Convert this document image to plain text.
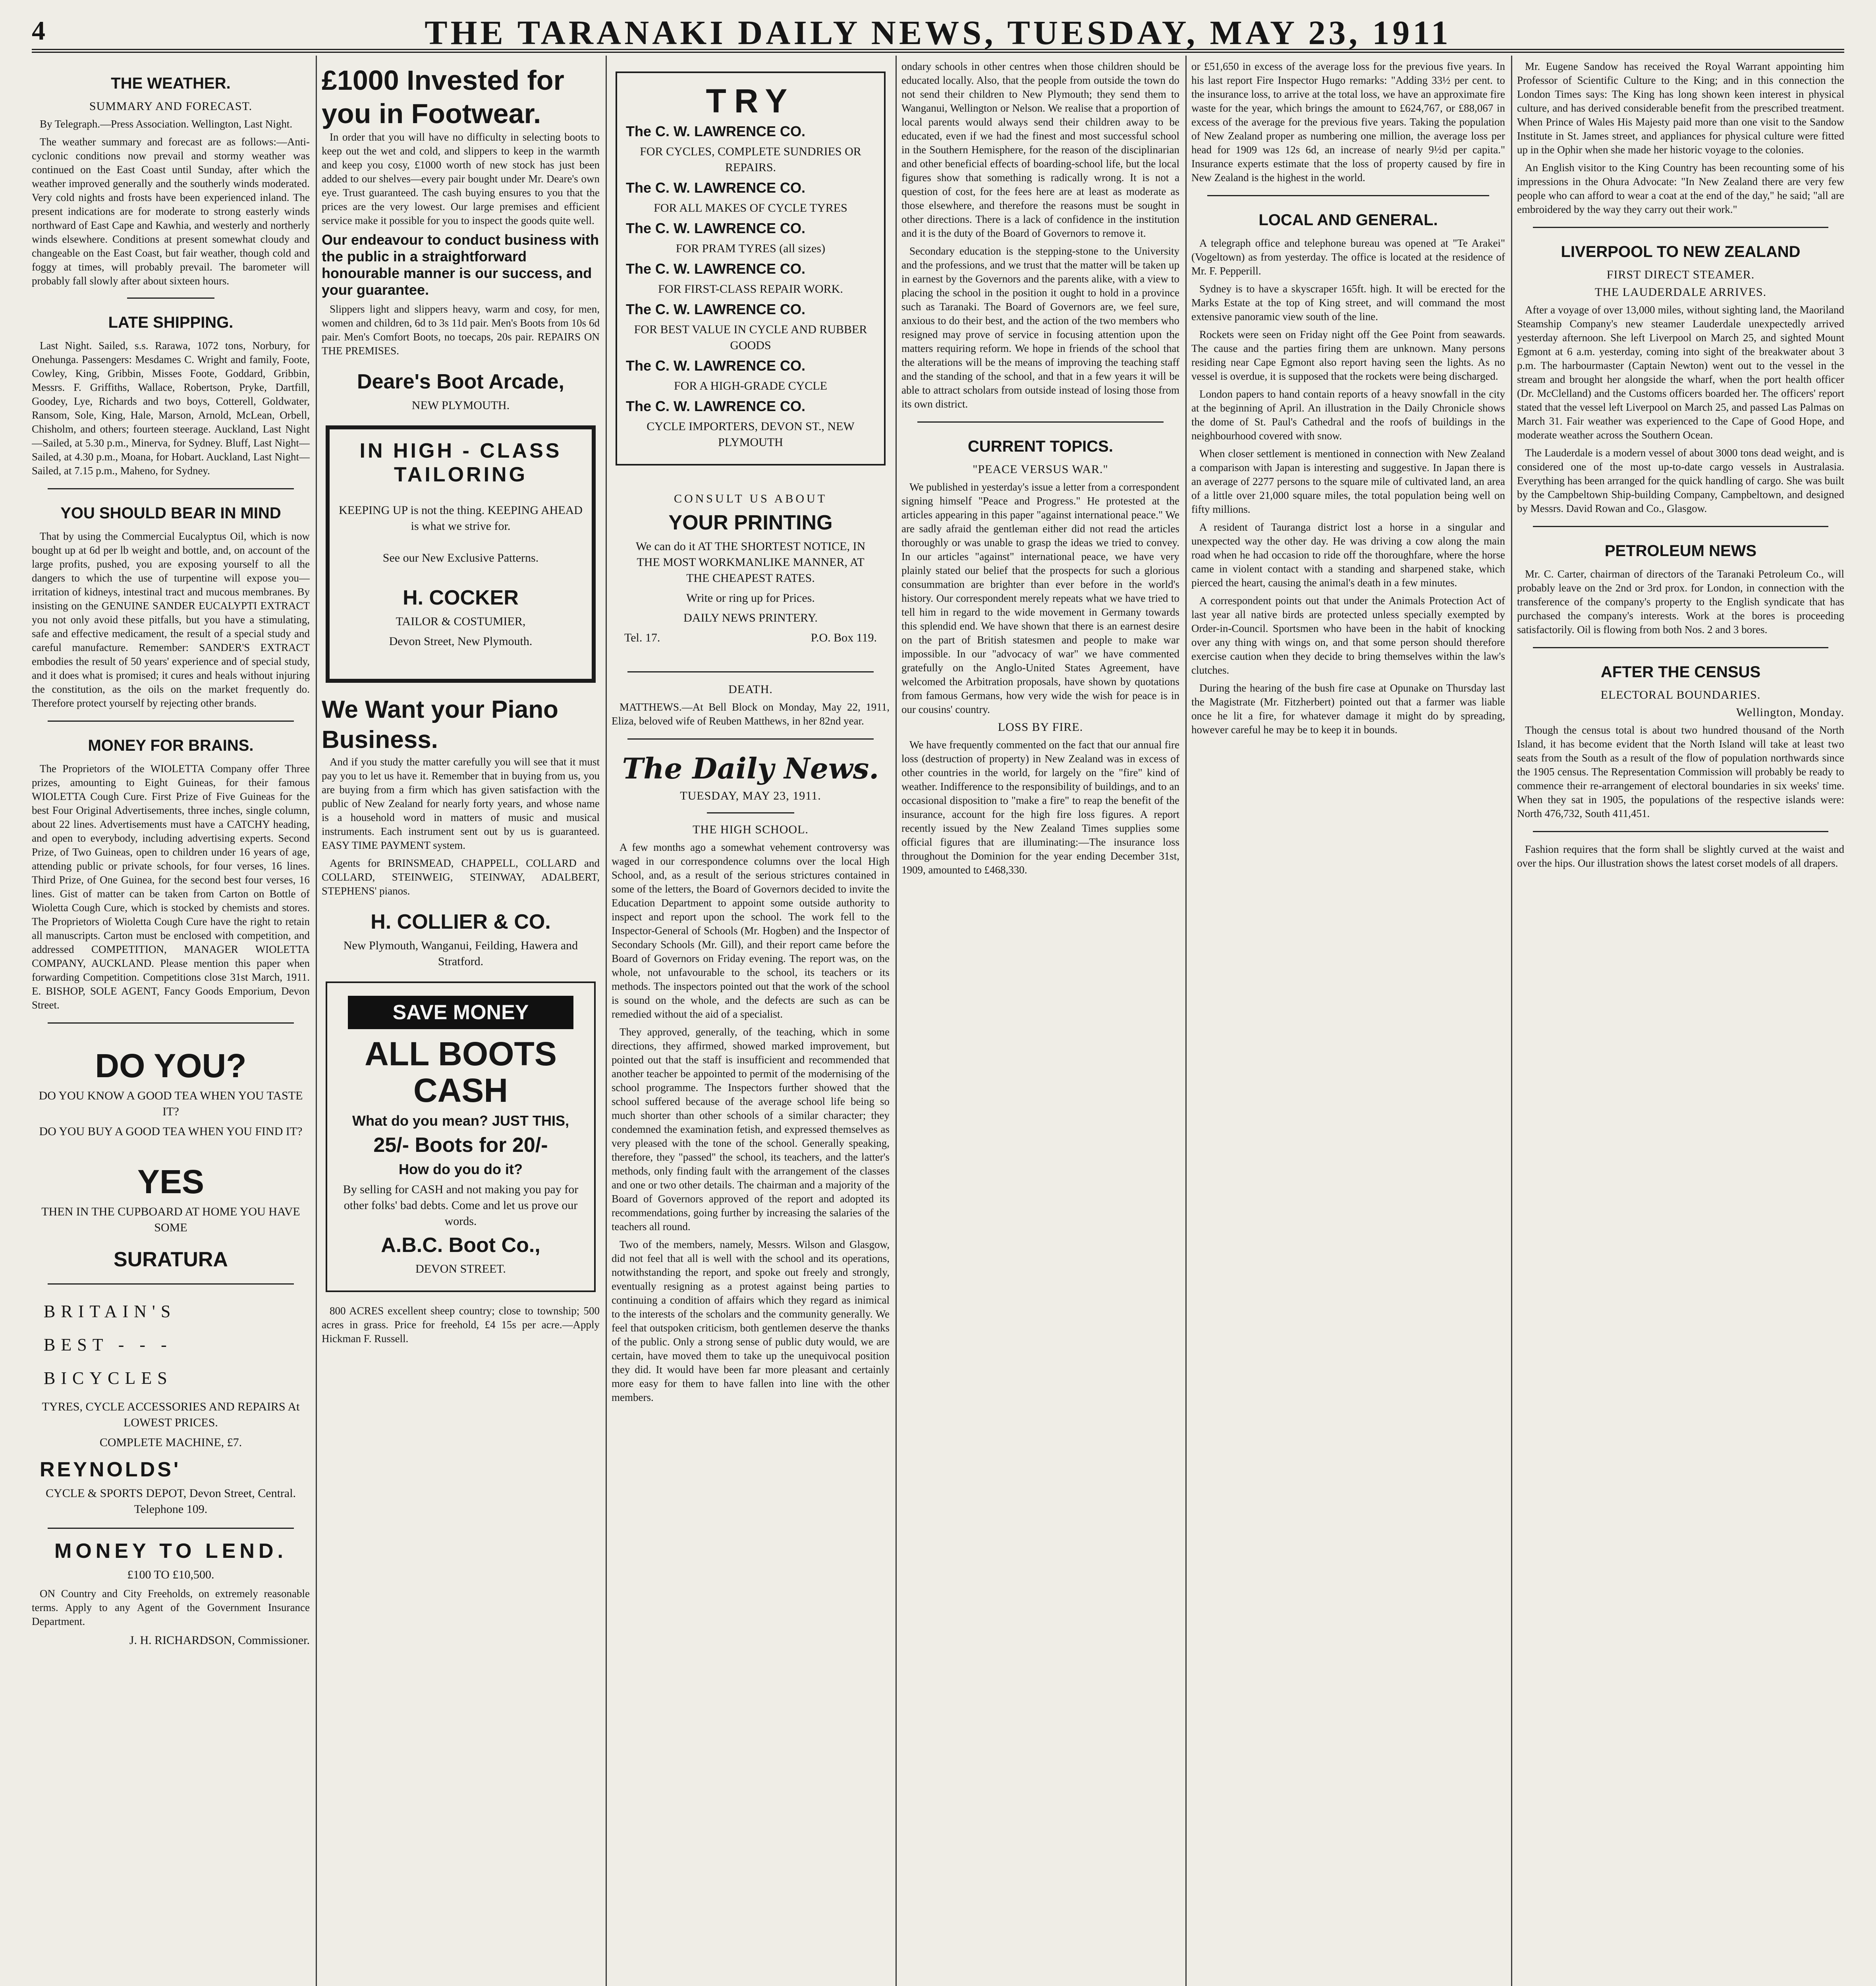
4	THE TARANAKI DAILY NEWS, TUESDAY, MAY 23, 1911
THE WEATHER.
SUMMARY AND FORECAST.

By Telegraph.—Press Association. Wellington, Last Night.

The weather summary and forecast are as follows:—Anti-cyclonic conditions now prevail and stormy weather was continued on the East Coast until Sunday, after which the weather improved generally and the southerly winds moderated. Very cold nights and frosts have been experienced inland. The present indications are for moderate to strong easterly winds northward of East Cape and Kawhia, and westerly and northerly winds elsewhere. Conditions at present somewhat cloudy and changeable on the East Coast, but fair weather, though cold and foggy at times, will probably prevail. The barometer will probably fall slowly after about sixteen hours.

LATE SHIPPING.

Last Night. Sailed, s.s. Rarawa, 1072 tons, Norbury, for Onehunga. Passengers: Mesdames C. Wright and family, Foote, Cowley, King, Gribbin, Misses Foote, Goddard, Gribbin, Messrs. F. Griffiths, Wallace, Robertson, Pryke, Dartfill, Goodey, Lye, Richards and two boys, Cotterell, Goldwater, Ransom, Sole, King, Hale, Marson, Arnold, McLean, Orbell, Chisholm, and others; fourteen steerage. Auckland, Last Night—Sailed, at 5.30 p.m., Minerva, for Sydney. Bluff, Last Night—Sailed, at 4.30 p.m., Moana, for Hobart. Auckland, Last Night—Sailed, at 7.15 p.m., Maheno, for Sydney.

YOU SHOULD BEAR IN MIND

That by using the Commercial Eucalyptus Oil, which is now bought up at 6d per lb weight and bottle, and, on account of the large profits, pushed, you are exposing yourself to all the dangers to which the use of turpentine will expose you—irritation of kidneys, intestinal tract and mucous membranes. By insisting on the GENUINE SANDER EUCALYPTI EXTRACT you not only avoid these pitfalls, but you have a stimulating, safe and effective medicament, the result of a special study and careful manufacture. Remember: SANDER'S EXTRACT embodies the result of 50 years' experience and of special study, and it does what is promised; it cures and heals without injuring the constitution, as the oils on the market frequently do. Therefore protect yourself by rejecting other brands.

MONEY FOR BRAINS.

The Proprietors of the WIOLETTA Company offer Three prizes, amounting to Eight Guineas, for their famous WIOLETTA Cough Cure. First Prize of Five Guineas for the best Four Original Advertisements, three inches, single column, about 22 lines. Advertisements must have a CATCHY heading, and open to everybody, including advertising experts. Second Prize, of Two Guineas, open to children under 16 years of age, attending public or private schools, for four verses, 16 lines. Third Prize, of One Guinea, for the second best four verses, 16 lines. Gist of matter can be taken from Carton on Bottle of Wioletta Cough Cure, which is stocked by chemists and stores. The Proprietors of Wioletta Cough Cure have the right to retain all manuscripts. Carton must be enclosed with competition, and addressed COMPETITION, MANAGER WIOLETTA COMPANY, AUCKLAND. Please mention this paper when forwarding Competition. Competitions close 31st March, 1911. E. BISHOP, SOLE AGENT, Fancy Goods Emporium, Devon Street.

DO YOU?
DO YOU KNOW A GOOD TEA WHEN YOU TASTE IT?
DO YOU BUY A GOOD TEA WHEN YOU FIND IT?
YES
THEN IN THE CUPBOARD AT HOME YOU HAVE SOME
SURATURA
BRITAIN'S
BEST - - -
BICYCLES
TYRES, CYCLE ACCESSORIES AND REPAIRS At LOWEST PRICES.
COMPLETE MACHINE, £7.
REYNOLDS'
CYCLE & SPORTS DEPOT, Devon Street, Central. Telephone 109.
MONEY TO LEND.
£100 TO £10,500.

ON Country and City Freeholds, on extremely reasonable terms. Apply to any Agent of the Government Insurance Department.

J. H. RICHARDSON, Commissioner.
£1000 Invested for you in Footwear.

In order that you will have no difficulty in selecting boots to keep out the wet and cold, and slippers to keep in the warmth and keep you cosy, £1000 worth of new stock has just been added to our shelves—every pair bought under Mr. Deare's own eye. Trust guaranteed. The cash buying ensures to you that the prices are the very lowest. Our large premises and efficient service make it possible for you to inspect the goods quite well.

Our endeavour to conduct business with the public in a straightforward honourable manner is our success, and your guarantee.

Slippers light and slippers heavy, warm and cosy, for men, women and children, 6d to 3s 11d pair. Men's Boots from 10s 6d pair. Men's Comfort Boots, no toecaps, 20s pair. REPAIRS ON THE PREMISES.

Deare's Boot Arcade,
NEW PLYMOUTH.
IN HIGH - CLASS TAILORING
KEEPING UP is not the thing. KEEPING AHEAD is what we strive for.
See our New Exclusive Patterns.
H. COCKER
TAILOR & COSTUMIER,
Devon Street, New Plymouth.
We Want your Piano Business.

And if you study the matter carefully you will see that it must pay you to let us have it. Remember that in buying from us, you are buying from a firm which has given satisfaction with the public of New Zealand for nearly forty years, and whose name is a household word in matters of music and musical instruments. Each instrument sent out by us is guaranteed. EASY TIME PAYMENT system.

Agents for BRINSMEAD, CHAPPELL, COLLARD and COLLARD, STEINWEIG, STEINWAY, ADALBERT, STEPHENS' pianos.

H. COLLIER & CO.
New Plymouth, Wanganui, Feilding, Hawera and Stratford.
SAVE MONEY
ALL BOOTS CASH
What do you mean? JUST THIS,
25/- Boots for 20/-
How do you do it?
By selling for CASH and not making you pay for other folks' bad debts. Come and let us prove our words.
A.B.C. Boot Co.,
DEVON STREET.

800 ACRES excellent sheep country; close to township; 500 acres in grass. Price for freehold, £4 15s per acre.—Apply Hickman F. Russell.

TRY
The C. W. LAWRENCE CO.
FOR CYCLES, COMPLETE SUNDRIES OR REPAIRS.
The C. W. LAWRENCE CO.
FOR ALL MAKES OF CYCLE TYRES
The C. W. LAWRENCE CO.
FOR PRAM TYRES (all sizes)
The C. W. LAWRENCE CO.
FOR FIRST-CLASS REPAIR WORK.
The C. W. LAWRENCE CO.
FOR BEST VALUE IN CYCLE AND RUBBER GOODS
The C. W. LAWRENCE CO.
FOR A HIGH-GRADE CYCLE
The C. W. LAWRENCE CO.
CYCLE IMPORTERS, DEVON ST., NEW PLYMOUTH
CONSULT US ABOUT
YOUR PRINTING
We can do it AT THE SHORTEST NOTICE, IN THE MOST WORKMANLIKE MANNER, AT THE CHEAPEST RATES.
Write or ring up for Prices.
DAILY NEWS PRINTERY.
Tel. 17.	P.O. Box 119.
DEATH.

MATTHEWS.—At Bell Block on Monday, May 22, 1911, Eliza, beloved wife of Reuben Matthews, in her 82nd year.

The Daily News.
TUESDAY, MAY 23, 1911.
THE HIGH SCHOOL.

A few months ago a somewhat vehement controversy was waged in our correspondence columns over the local High School, and, as a result of the serious strictures contained in some of the letters, the Board of Governors decided to invite the Education Department to appoint some outside authority to inspect and report upon the school. The work fell to the Inspector-General of Schools (Mr. Hogben) and the Inspector of Secondary Schools (Mr. Gill), and their report came before the Board of Governors on Friday evening. The report was, on the whole, not unfavourable to the school, its teachers or its methods. The inspectors pointed out that the work of the school is sound on the whole, and the defects are such as can be remedied without the aid of a specialist.

They approved, generally, of the teaching, which in some directions, they affirmed, showed marked improvement, but pointed out that the staff is insufficient and recommended that another teacher be appointed to permit of the modernising of the school programme. The Inspectors further showed that the school suffered because of the average school life being so much shorter than other schools of a similar character; they condemned the examination fetish, and expressed themselves as very pleased with the tone of the school. Generally speaking, therefore, they "passed" the school, its teachers, and the latter's methods, only finding fault with the arrangement of the classes and one or two other details. The chairman and a majority of the Board of Governors approved of the report and adopted its recommendations, going further by increasing the salaries of the teachers all round.

Two of the members, namely, Messrs. Wilson and Glasgow, did not feel that all is well with the school and its operations, notwithstanding the report, and spoke out freely and strongly, eventually resigning as a protest against being parties to continuing a condition of affairs which they regard as inimical to the interests of the scholars and the community generally. We feel that outspoken criticism, both gentlemen deserve the thanks of the public. Only a strong sense of public duty would, we are certain, have moved them to take up the unequivocal position they did. It would have been far more pleasant and certainly more easy for them to have fallen into line with the other members.

ondary schools in other centres when those children should be educated locally. Also, that the people from outside the town do not send their children to New Plymouth; they send them to Wanganui, Wellington or Nelson. We realise that a proportion of local parents would always send their children away to be educated, even if we had the finest and most successful school in the Southern Hemisphere, for the reason of the disciplinarian and other beneficial effects of boarding-school life, but the local figures show that something is radically wrong. It is not a question of cost, for the fees here are at least as moderate as those elsewhere, and therefore the reasons must be sought in other directions. There is a lack of confidence in the institution and it is the duty of the Board of Governors to remove it.

Secondary education is the stepping-stone to the University and the professions, and we trust that the matter will be taken up in earnest by the Governors and the parents alike, with a view to placing the school in the position it ought to hold in a province such as Taranaki. The Board of Governors are, we feel sure, anxious to do their best, and the action of the two members who resigned may prove of service in focusing attention upon the matters requiring reform. We hope in friends of the school that the alterations will be the means of improving the teaching staff and the standing of the school, and that in a few years it will be able to attract scholars from outside instead of losing those from its own district.

CURRENT TOPICS.
"PEACE VERSUS WAR."

We published in yesterday's issue a letter from a correspondent signing himself "Peace and Progress." He protested at the articles appearing in this paper "against international peace." We are sadly afraid the gentleman either did not read the articles thoroughly or was unable to grasp the ideas we tried to convey. In our articles "against" international peace, we have very plainly stated our belief that the prospects for such a glorious consummation are brighter than ever before in the world's history. Our correspondent merely repeats what we have tried to tell him in regard to the wide movement in Germany towards this splendid end. We have shown that there is an earnest desire on the part of British statesmen and people to make war impossible. In our "advocacy of war" we have commented gratefully on the Anglo-United States Agreement, have welcomed the Arbitration proposals, have shown by quotations from famous Germans, how very wide the wish for peace is in our cousins' country.

LOSS BY FIRE.

We have frequently commented on the fact that our annual fire loss (destruction of property) in New Zealand was in excess of other countries in the world, for largely on the "fire" kind of weather. Indifference to the responsibility of buildings, and to an occasional disposition to "make a fire" to reap the benefit of the insurance, account for the high fire loss figures. A report recently issued by the New Zealand Times supplies some official figures that are illuminating:—The insurance loss throughout the Dominion for the year ending December 31st, 1909, amounted to £468,330.

or £51,650 in excess of the average loss for the previous five years. In his last report Fire Inspector Hugo remarks: "Adding 33½ per cent. to the insurance loss, to arrive at the total loss, we have an approximate fire waste for the year, which brings the amount to £624,767, or £88,067 in excess of the average for the previous five years. Taking the population of New Zealand proper as numbering one million, the average loss per head for 1909 was 12s 6d, an increase of nearly 9½d per capita." Insurance experts estimate that the loss of property caused by fire in New Zealand is the highest in the world.

LOCAL AND GENERAL.

A telegraph office and telephone bureau was opened at "Te Arakei" (Vogeltown) as from yesterday. The office is located at the residence of Mr. F. Pepperill.

Sydney is to have a skyscraper 165ft. high. It will be erected for the Marks Estate at the top of King street, and will command the most extensive panoramic view south of the line.

Rockets were seen on Friday night off the Gee Point from seawards. The cause and the parties firing them are unknown. Many persons residing near Cape Egmont also report having seen the lights. As no vessel is overdue, it is supposed that the rockets were being discharged.

London papers to hand contain reports of a heavy snowfall in the city at the beginning of April. An illustration in the Daily Chronicle shows the dome of St. Paul's Cathedral and the roofs of buildings in the neighbourhood covered with snow.

When closer settlement is mentioned in connection with New Zealand a comparison with Japan is interesting and suggestive. In Japan there is an average of 2277 persons to the square mile of cultivated land, an area of a little over 21,000 square miles, the total population being well on fifty millions.

A resident of Tauranga district lost a horse in a singular and unexpected way the other day. He was driving a cow along the main road when he had occasion to ride off the thoroughfare, where the horse came in violent contact with a standing and sharpened stake, which pierced the heart, causing the animal's death in a few minutes.

A correspondent points out that under the Animals Protection Act of last year all native birds are protected unless specially exempted by Order-in-Council. Sportsmen who have been in the habit of knocking over any thing with wings on, and that some person should therefore exercise caution when they decide to bring themselves within the law's clutches.

During the hearing of the bush fire case at Opunake on Thursday last the Magistrate (Mr. Fitzherbert) pointed out that a farmer was liable once he lit a fire, for whatever damage it might do by spreading, however careful he may be to keep it in bounds.

Mr. Eugene Sandow has received the Royal Warrant appointing him Professor of Scientific Culture to the King; and in this connection the London Times says: The King has long shown keen interest in physical culture, and has derived considerable benefit from the prescribed treatment. When Prince of Wales His Majesty paid more than one visit to the Sandow Institute in St. James street, and appliances for physical culture were fitted up in the Ophir when she made her historic voyage to the colonies.

An English visitor to the King Country has been recounting some of his impressions in the Ohura Advocate: "In New Zealand there are very few people who can afford to wear a coat at the end of the day," he said; "all are embroidered by the way they carry out their work."

LIVERPOOL TO NEW ZEALAND
FIRST DIRECT STEAMER.
THE LAUDERDALE ARRIVES.

After a voyage of over 13,000 miles, without sighting land, the Maoriland Steamship Company's new steamer Lauderdale unexpectedly arrived yesterday afternoon. She left Liverpool on March 25, and sighted Mount Egmont at 6 a.m. yesterday, coming into sight of the breakwater about 3 p.m. The harbourmaster (Captain Newton) went out to the vessel in the stream and brought her alongside the wharf, when the port health officer (Dr. McClelland) and the Customs officers boarded her. The officers' report stated that the vessel left Liverpool on March 25, and passed Las Palmas on March 31. Fair weather was experienced to the Cape of Good Hope, and moderate weather across the Southern Ocean.

The Lauderdale is a modern vessel of about 3000 tons dead weight, and is considered one of the most up-to-date cargo vessels in Australasia. Everything has been arranged for the quick handling of cargo. She was built by the Campbeltown Ship-building Company, Campbeltown, and designed by Messrs. David Rowan and Co., Glasgow.

PETROLEUM NEWS

Mr. C. Carter, chairman of directors of the Taranaki Petroleum Co., will probably leave on the 2nd or 3rd prox. for London, in connection with the transference of the company's property to the English syndicate that has purchased the company's interests. Work at the bores is proceeding satisfactorily. Oil is flowing from both Nos. 2 and 3 bores.

AFTER THE CENSUS
ELECTORAL BOUNDARIES.
Wellington, Monday.

Though the census total is about two hundred thousand of the North Island, it has become evident that the North Island will take at least two seats from the South as a result of the flow of population northwards since the 1905 census. The Representation Commission will probably be ready to commence their re-arrangement of electoral boundaries in six weeks' time. When they sat in 1905, the populations of the respective islands were: North 476,732, South 411,451.

Fashion requires that the form shall be slightly curved at the waist and over the hips. Our illustration shows the latest corset models of all drapers.
